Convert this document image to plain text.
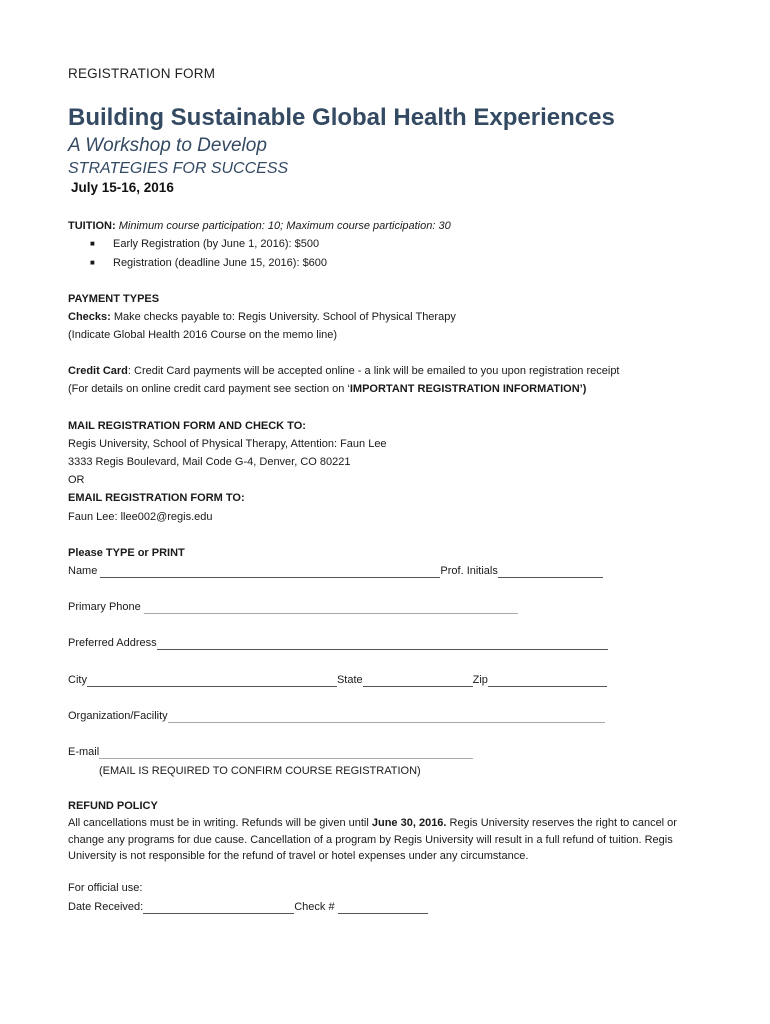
REGISTRATION FORM
Building Sustainable Global Health Experiences
A Workshop to Develop
STRATEGIES FOR SUCCESS
July 15-16, 2016
TUITION: Minimum course participation: 10; Maximum course participation: 30
■ Early Registration (by June 1, 2016): $500
■ Registration (deadline June 15, 2016): $600
PAYMENT TYPES
Checks: Make checks payable to: Regis University. School of Physical Therapy
(Indicate Global Health 2016 Course on the memo line)
Credit Card: Credit Card payments will be accepted online - a link will be emailed to you upon registration receipt
(For details on online credit card payment see section on ‘IMPORTANT REGISTRATION INFORMATION’)
MAIL REGISTRATION FORM AND CHECK TO:
Regis University, School of Physical Therapy, Attention: Faun Lee
3333 Regis Boulevard, Mail Code G-4, Denver, CO 80221
OR
EMAIL REGISTRATION FORM TO:
Faun Lee: llee002@regis.edu
Please TYPE or PRINT
Name	Prof. Initials
Primary Phone
Preferred Address
City	State	Zip
Organization/Facility
E-mail
(EMAIL IS REQUIRED TO CONFIRM COURSE REGISTRATION)
REFUND POLICY
All cancellations must be in writing. Refunds will be given until June 30, 2016. Regis University reserves the right to cancel or change any programs for due cause. Cancellation of a program by Regis University will result in a full refund of tuition. Regis University is not responsible for the refund of travel or hotel expenses under any circumstance.
For official use:
Date Received:	Check #
